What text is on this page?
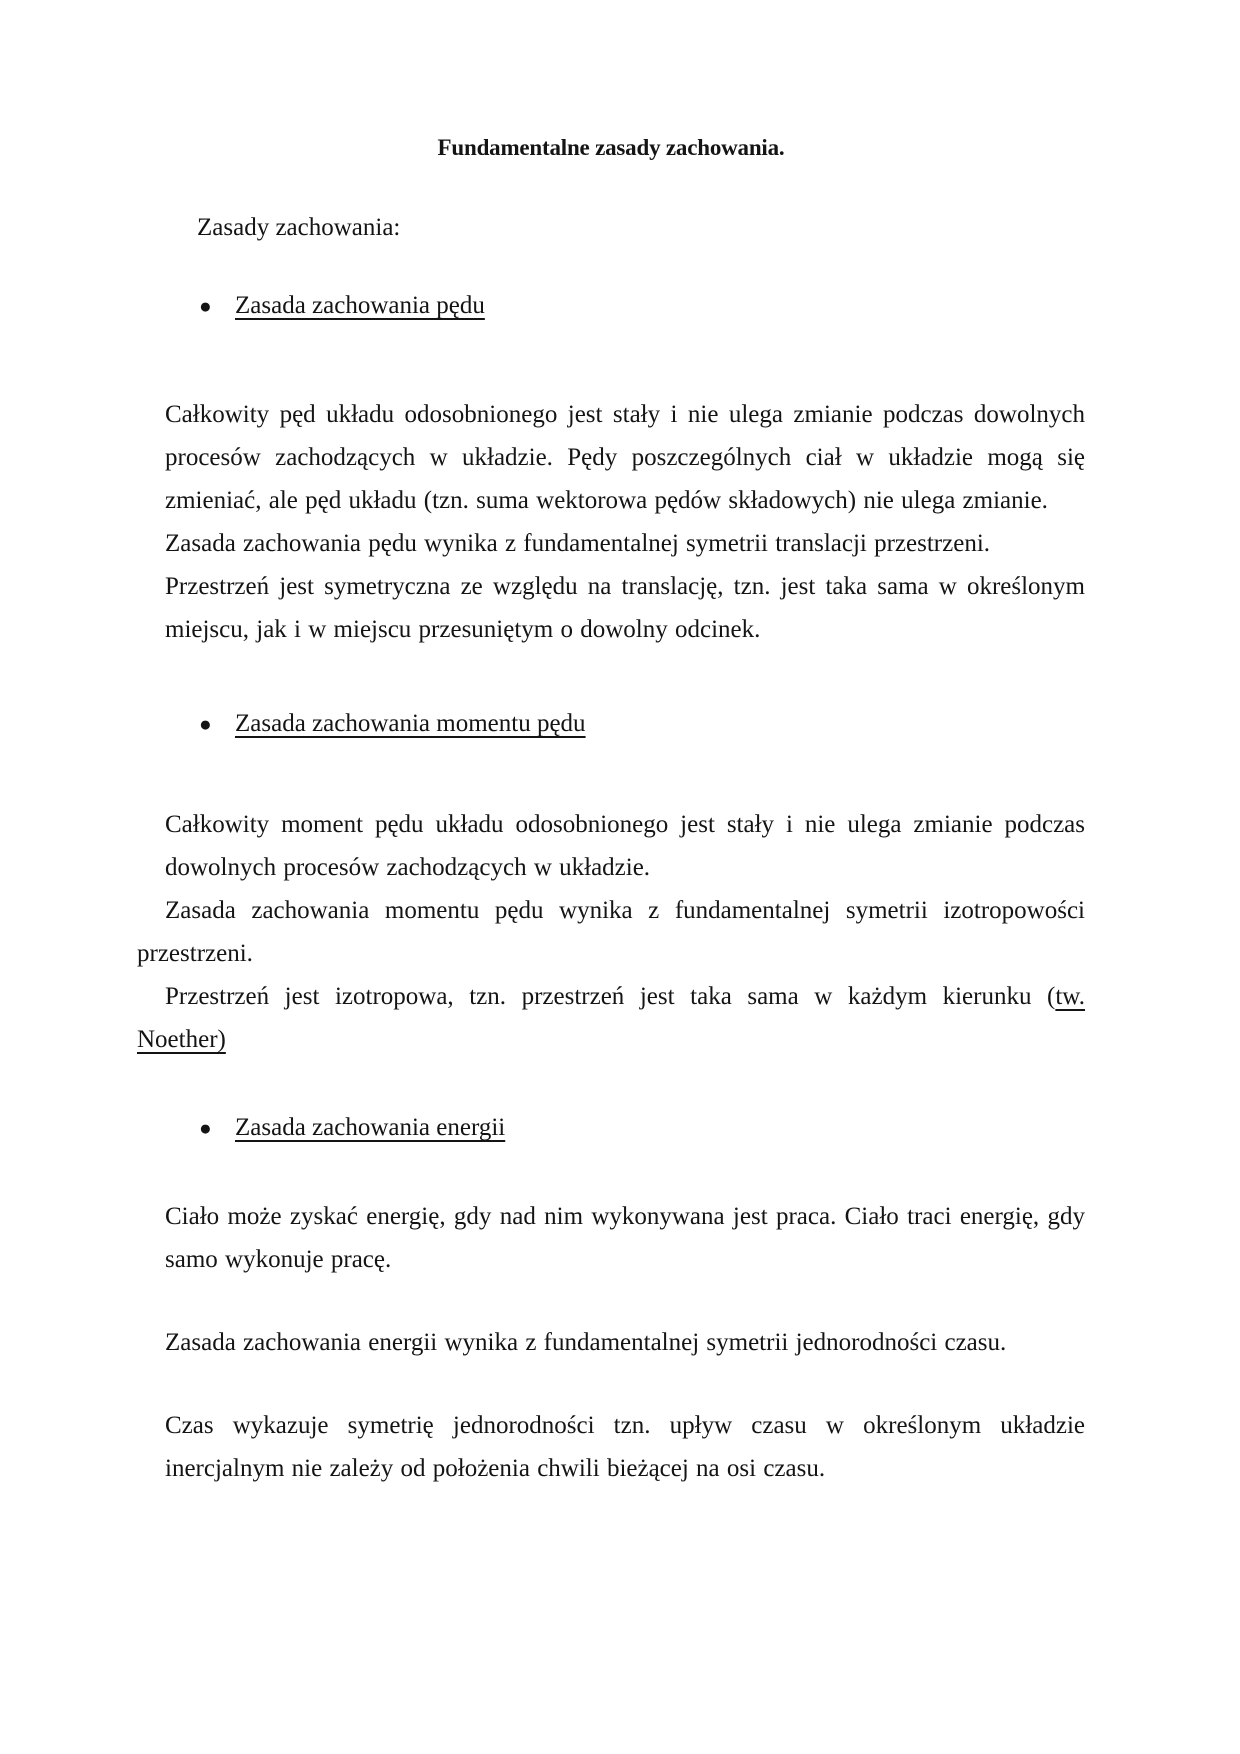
Fundamentalne zasady zachowania.

Zasady zachowania:

● Zasada zachowania pędu

Całkowity pęd układu odosobnionego jest stały i nie ulega zmianie podczas dowolnych procesów zachodzących w układzie. Pędy poszczególnych ciał w układzie mogą się zmieniać, ale pęd układu (tzn. suma wektorowa pędów składowych) nie ulega zmianie.

Zasada zachowania pędu wynika z fundamentalnej symetrii translacji przestrzeni.

Przestrzeń jest symetryczna ze względu na translację, tzn. jest taka sama w określonym miejscu, jak i w miejscu przesuniętym o dowolny odcinek.

● Zasada zachowania momentu pędu

Całkowity moment pędu układu odosobnionego jest stały i nie ulega zmianie podczas dowolnych procesów zachodzących w układzie.

Zasada zachowania momentu pędu wynika z fundamentalnej symetrii izotropowości przestrzeni.

Przestrzeń jest izotropowa, tzn. przestrzeń jest taka sama w każdym kierunku (tw. Noether)

● Zasada zachowania energii

Ciało może zyskać energię, gdy nad nim wykonywana jest praca. Ciało traci energię, gdy samo wykonuje pracę.

Zasada zachowania energii wynika z fundamentalnej symetrii jednorodności czasu.

Czas wykazuje symetrię jednorodności tzn. upływ czasu w określonym układzie inercjalnym nie zależy od położenia chwili bieżącej na osi czasu.
